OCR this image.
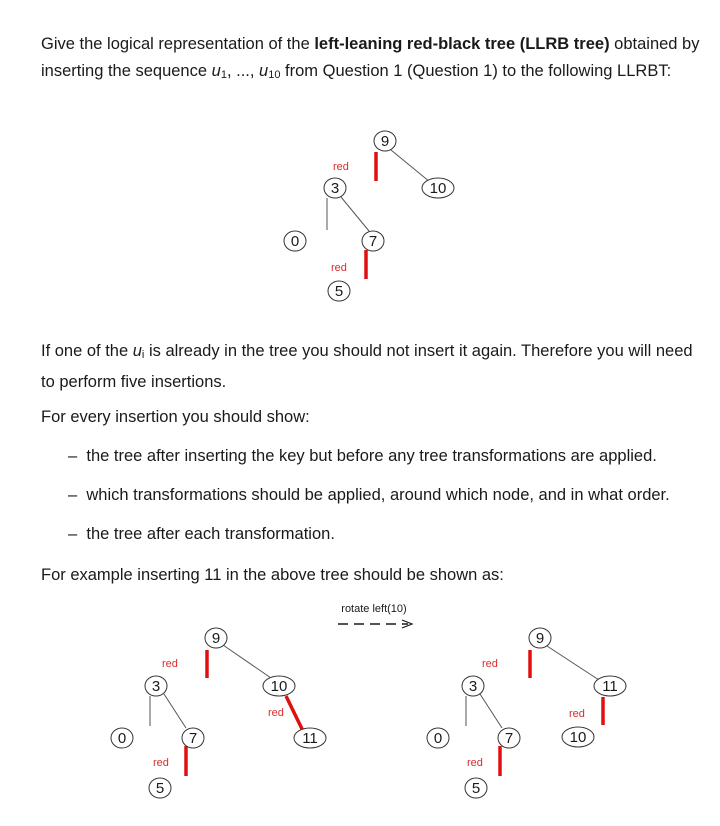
Give the logical representation of the left-leaning red-black tree (LLRB tree) obtained by inserting the sequence u1, ..., u10 from Question 1 (Question 1) to the following LLRBT:

If one of the ui is already in the tree you should not insert it again. Therefore you will need to perform five insertions.

For every insertion you should show:

–  the tree after inserting the key but before any tree transformations are applied.
–  which transformations should be applied, around which node, and in what order.
–  the tree after each transformation.

For example inserting 11 in the above tree should be shown as:

red
red
9
3	10
0	7
5
rotate left(10)
red
red
red
9
3	10
0	7
5
11
red
red
red
9
3	11
0	7
5
10
